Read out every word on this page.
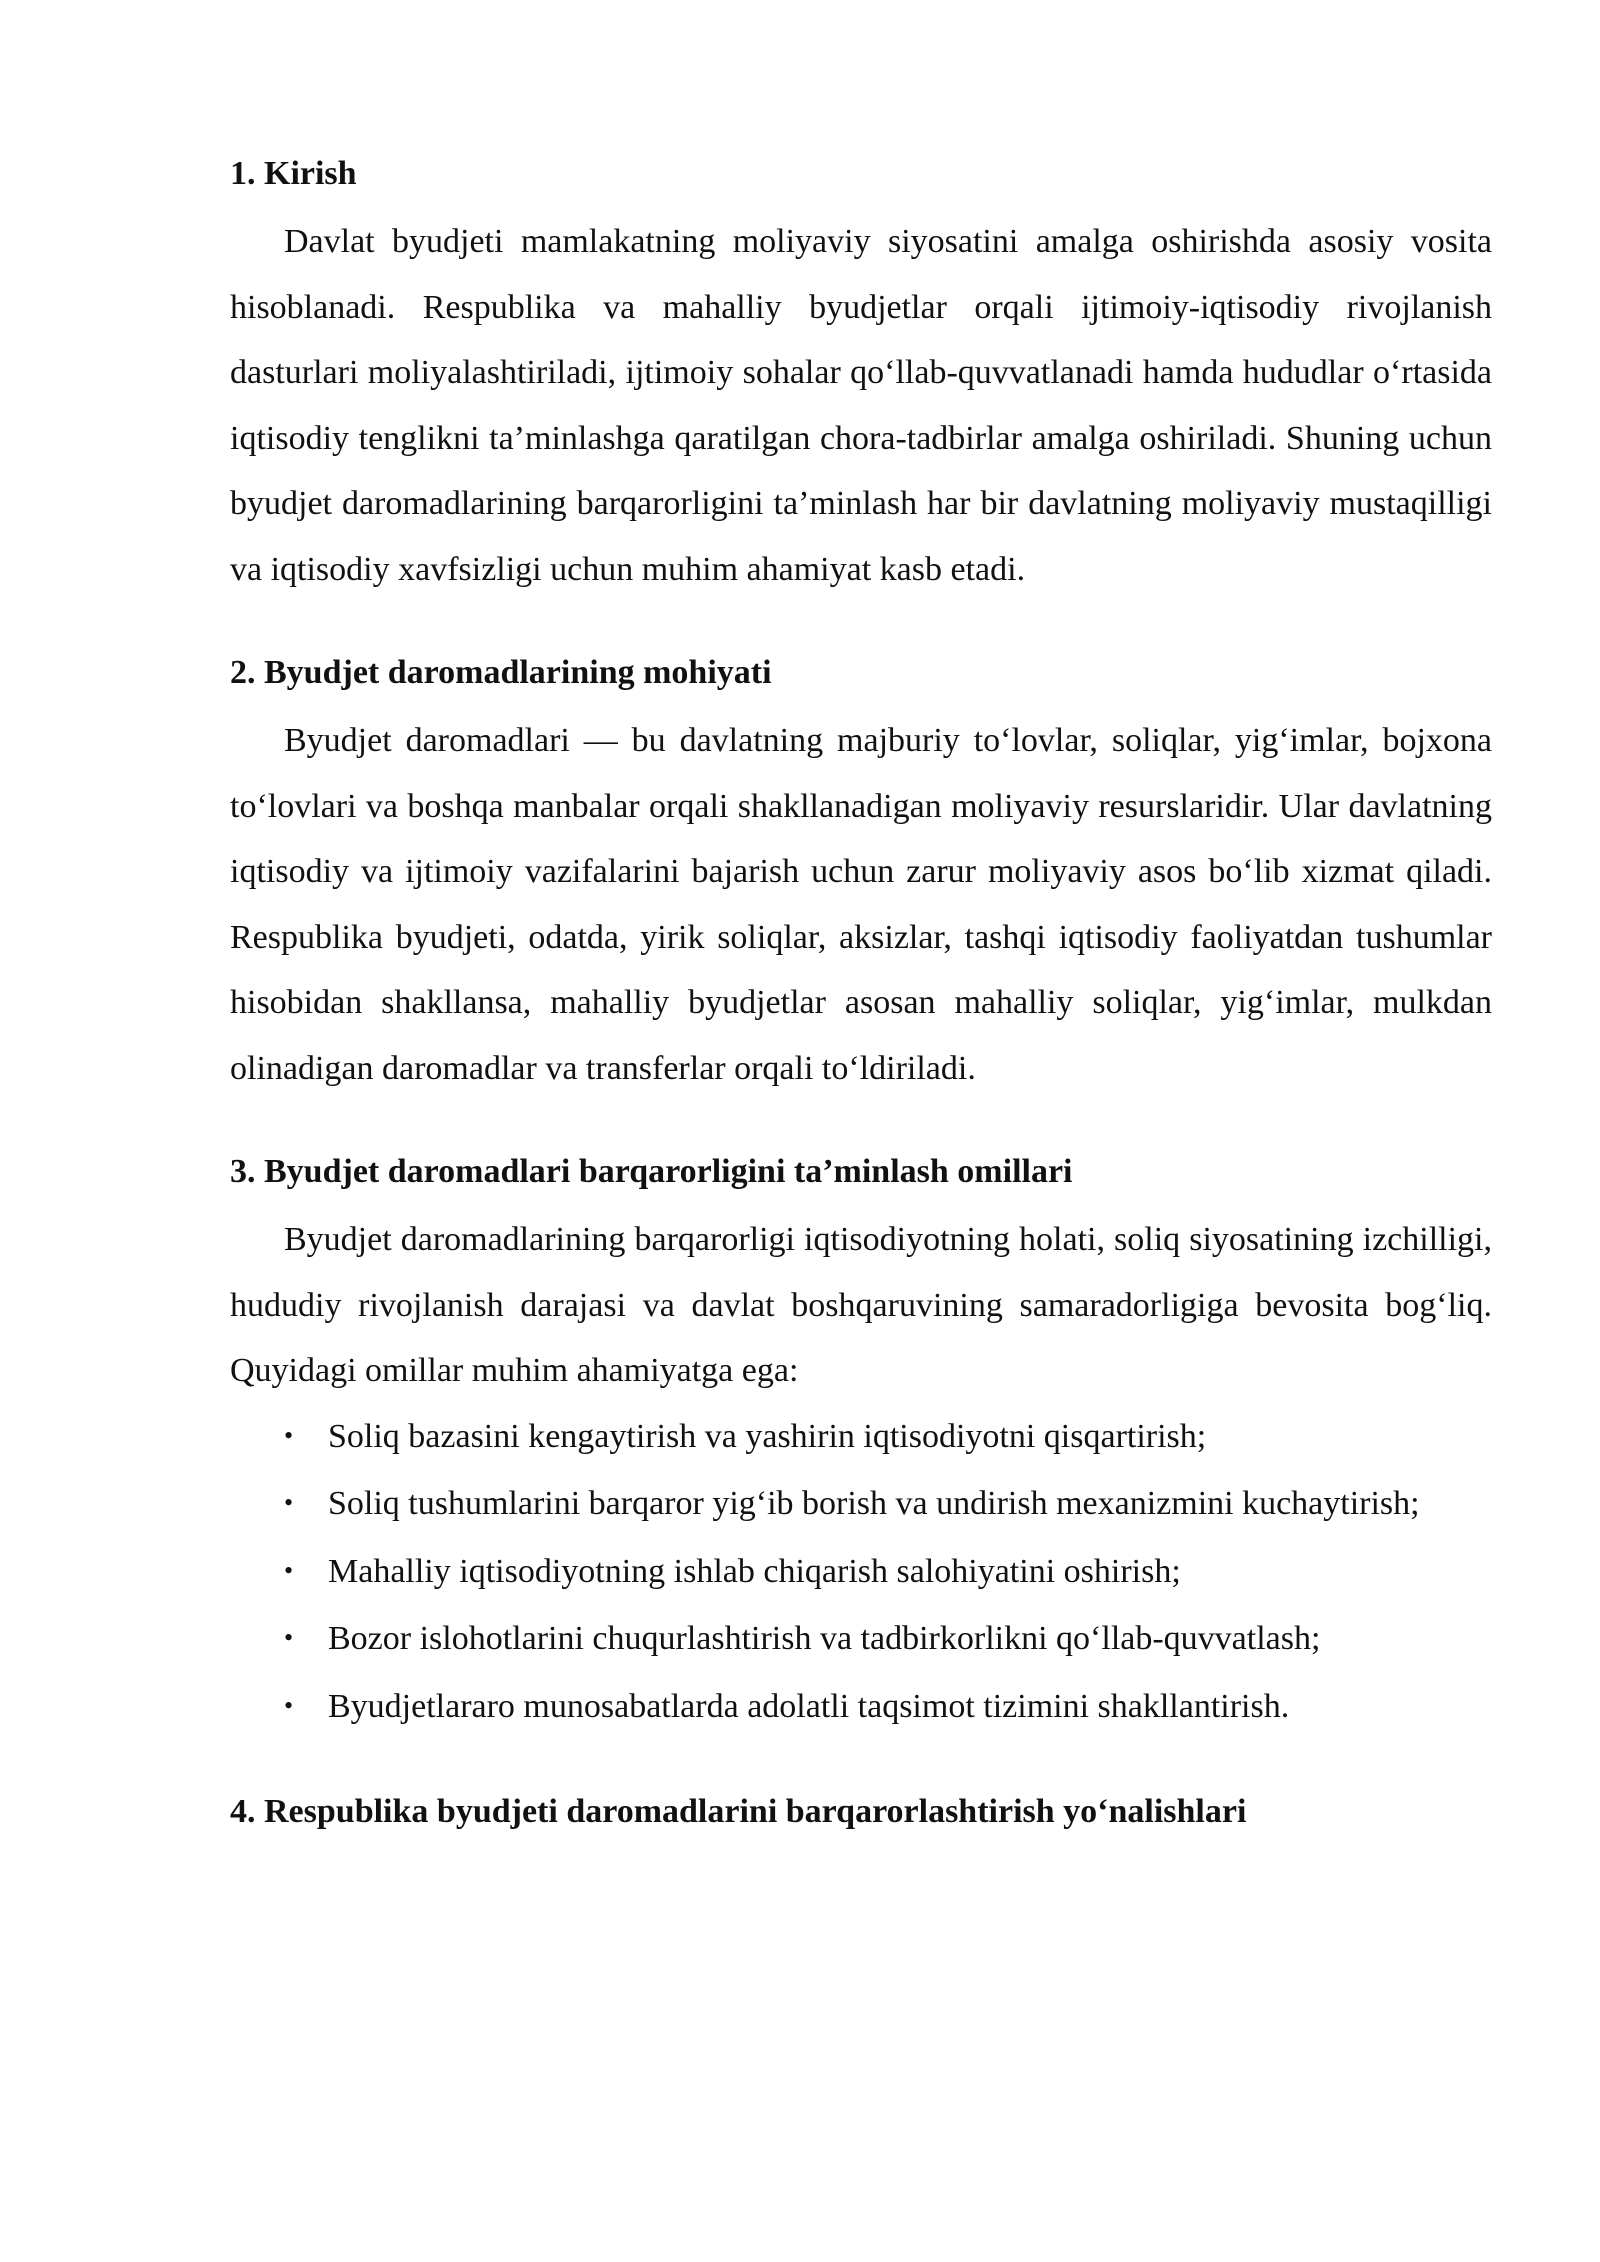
1. Kirish

Davlat byudjeti mamlakatning moliyaviy siyosatini amalga oshirishda asosiy vosita hisoblanadi. Respublika va mahalliy byudjetlar orqali ijtimoiy-iqtisodiy rivojlanish dasturlari moliyalashtiriladi, ijtimoiy sohalar qo‘llab-quvvatlanadi hamda hududlar o‘rtasida iqtisodiy tenglikni ta’minlashga qaratilgan chora-tadbirlar amalga oshiriladi. Shuning uchun byudjet daromadlarining barqarorligini ta’minlash har bir davlatning moliyaviy mustaqilligi va iqtisodiy xavfsizligi uchun muhim ahamiyat kasb etadi.

2. Byudjet daromadlarining mohiyati

Byudjet daromadlari — bu davlatning majburiy to‘lovlar, soliqlar, yig‘imlar, bojxona to‘lovlari va boshqa manbalar orqali shakllanadigan moliyaviy resurslaridir. Ular davlatning iqtisodiy va ijtimoiy vazifalarini bajarish uchun zarur moliyaviy asos bo‘lib xizmat qiladi.
Respublika byudjeti, odatda, yirik soliqlar, aksizlar, tashqi iqtisodiy faoliyatdan tushumlar hisobidan shakllansa, mahalliy byudjetlar asosan mahalliy soliqlar, yig‘imlar, mulkdan olinadigan daromadlar va transferlar orqali to‘ldiriladi.

3. Byudjet daromadlari barqarorligini ta’minlash omillari

Byudjet daromadlarining barqarorligi iqtisodiyotning holati, soliq siyosatining izchilligi, hududiy rivojlanish darajasi va davlat boshqaruvining samaradorligiga bevosita bog‘liq. Quyidagi omillar muhim ahamiyatga ega:

• Soliq bazasini kengaytirish va yashirin iqtisodiyotni qisqartirish;
• Soliq tushumlarini barqaror yig‘ib borish va undirish mexanizmini kuchaytirish;
• Mahalliy iqtisodiyotning ishlab chiqarish salohiyatini oshirish;
• Bozor islohotlarini chuqurlashtirish va tadbirkorlikni qo‘llab-quvvatlash;
• Byudjetlararo munosabatlarda adolatli taqsimot tizimini shakllantirish.
4. Respublika byudjeti daromadlarini barqarorlashtirish yo‘nalishlari
